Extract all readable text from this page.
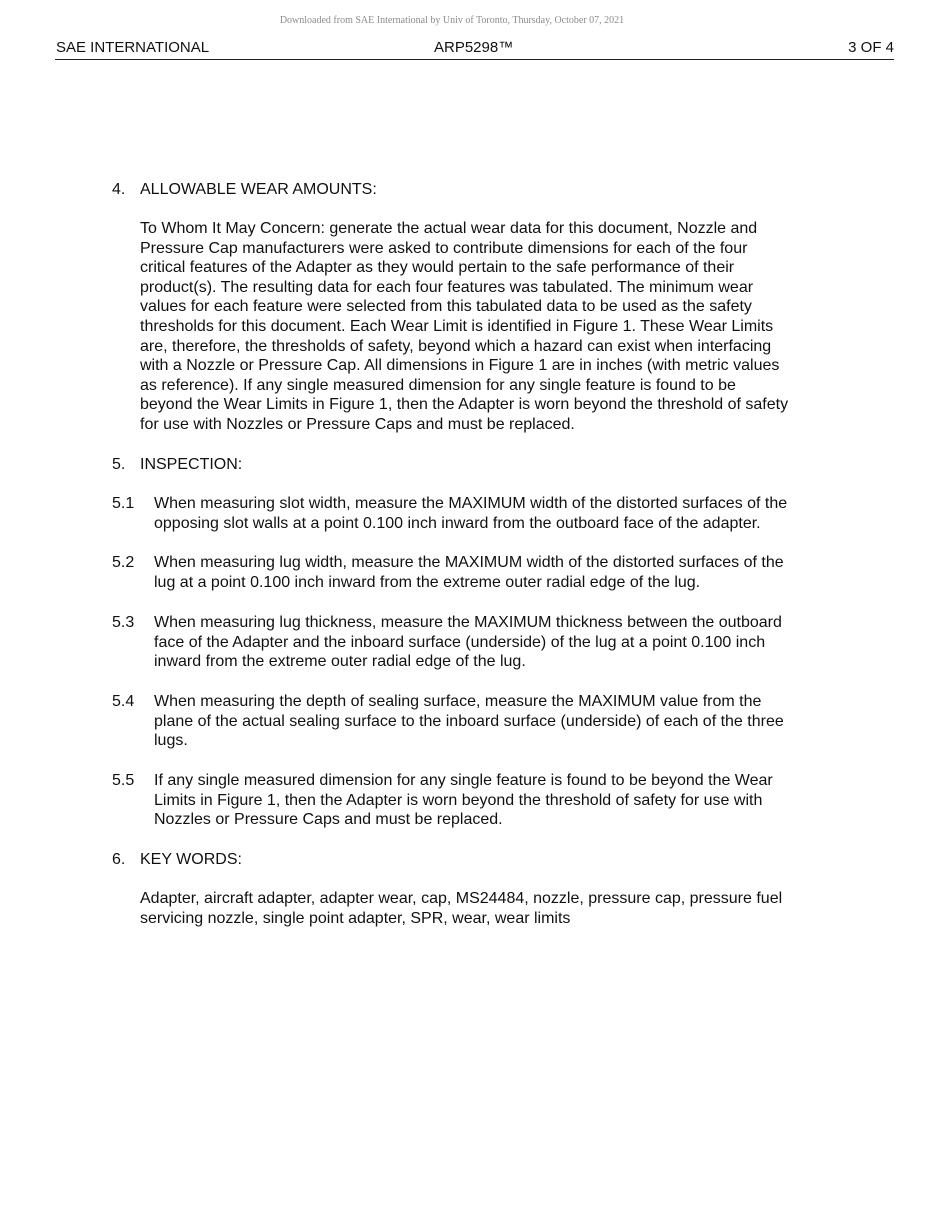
Downloaded from SAE International by Univ of Toronto, Thursday, October 07, 2021
SAE INTERNATIONAL	ARP5298™	3 OF 4
4. ALLOWABLE WEAR AMOUNTS:
To Whom It May Concern: generate the actual wear data for this document, Nozzle and
Pressure Cap manufacturers were asked to contribute dimensions for each of the four
critical features of the Adapter as they would pertain to the safe performance of their
product(s). The resulting data for each four features was tabulated. The minimum wear
values for each feature were selected from this tabulated data to be used as the safety
thresholds for this document. Each Wear Limit is identified in Figure 1. These Wear Limits
are, therefore, the thresholds of safety, beyond which a hazard can exist when interfacing
with a Nozzle or Pressure Cap. All dimensions in Figure 1 are in inches (with metric values
as reference). If any single measured dimension for any single feature is found to be
beyond the Wear Limits in Figure 1, then the Adapter is worn beyond the threshold of safety
for use with Nozzles or Pressure Caps and must be replaced.
5. INSPECTION:
5.1 When measuring slot width, measure the MAXIMUM width of the distorted surfaces of the
opposing slot walls at a point 0.100 inch inward from the outboard face of the adapter.
5.2 When measuring lug width, measure the MAXIMUM width of the distorted surfaces of the
lug at a point 0.100 inch inward from the extreme outer radial edge of the lug.
5.3 When measuring lug thickness, measure the MAXIMUM thickness between the outboard
face of the Adapter and the inboard surface (underside) of the lug at a point 0.100 inch
inward from the extreme outer radial edge of the lug.
5.4 When measuring the depth of sealing surface, measure the MAXIMUM value from the
plane of the actual sealing surface to the inboard surface (underside) of each of the three
lugs.
5.5 If any single measured dimension for any single feature is found to be beyond the Wear
Limits in Figure 1, then the Adapter is worn beyond the threshold of safety for use with
Nozzles or Pressure Caps and must be replaced.
6. KEY WORDS:
Adapter, aircraft adapter, adapter wear, cap, MS24484, nozzle, pressure cap, pressure fuel
servicing nozzle, single point adapter, SPR, wear, wear limits
